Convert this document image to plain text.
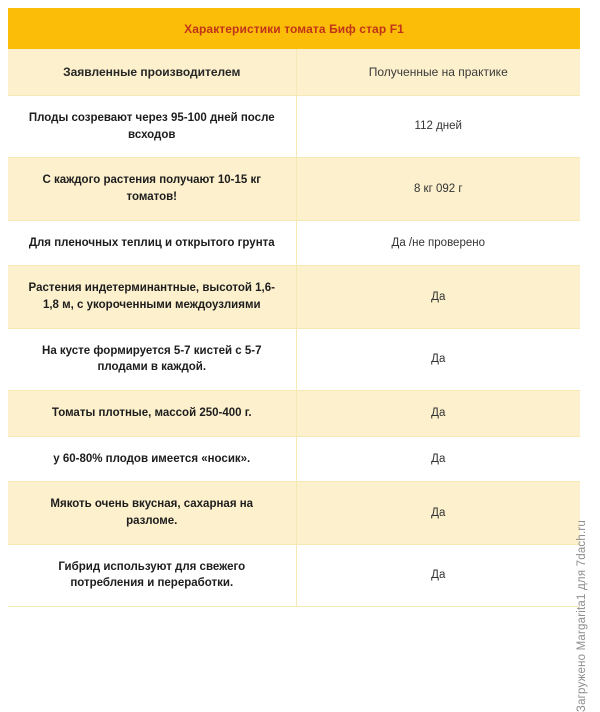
Характеристики томата Биф стар F1	
Заявленные производителем	Полученные на практике
Плоды созревают через 95-100 дней после всходов	112 дней
С каждого растения получают 10-15 кг томатов!	8 кг 092 г
Для пленочных теплиц и открытого грунта	Да /не проверено
Растения индетерминантные, высотой 1,6-1,8 м, с укороченными междоузлиями	Да
На кусте формируется 5-7 кистей с 5-7 плодами в каждой.	Да
Томаты плотные, массой 250-400 г.	Да
у 60-80% плодов имеется «носик».	Да
Мякоть очень вкусная, сахарная на разломе.	Да
Гибрид используют для свежего потребления и переработки.	Да	Загружено Margarita1 для 7dach.ru
